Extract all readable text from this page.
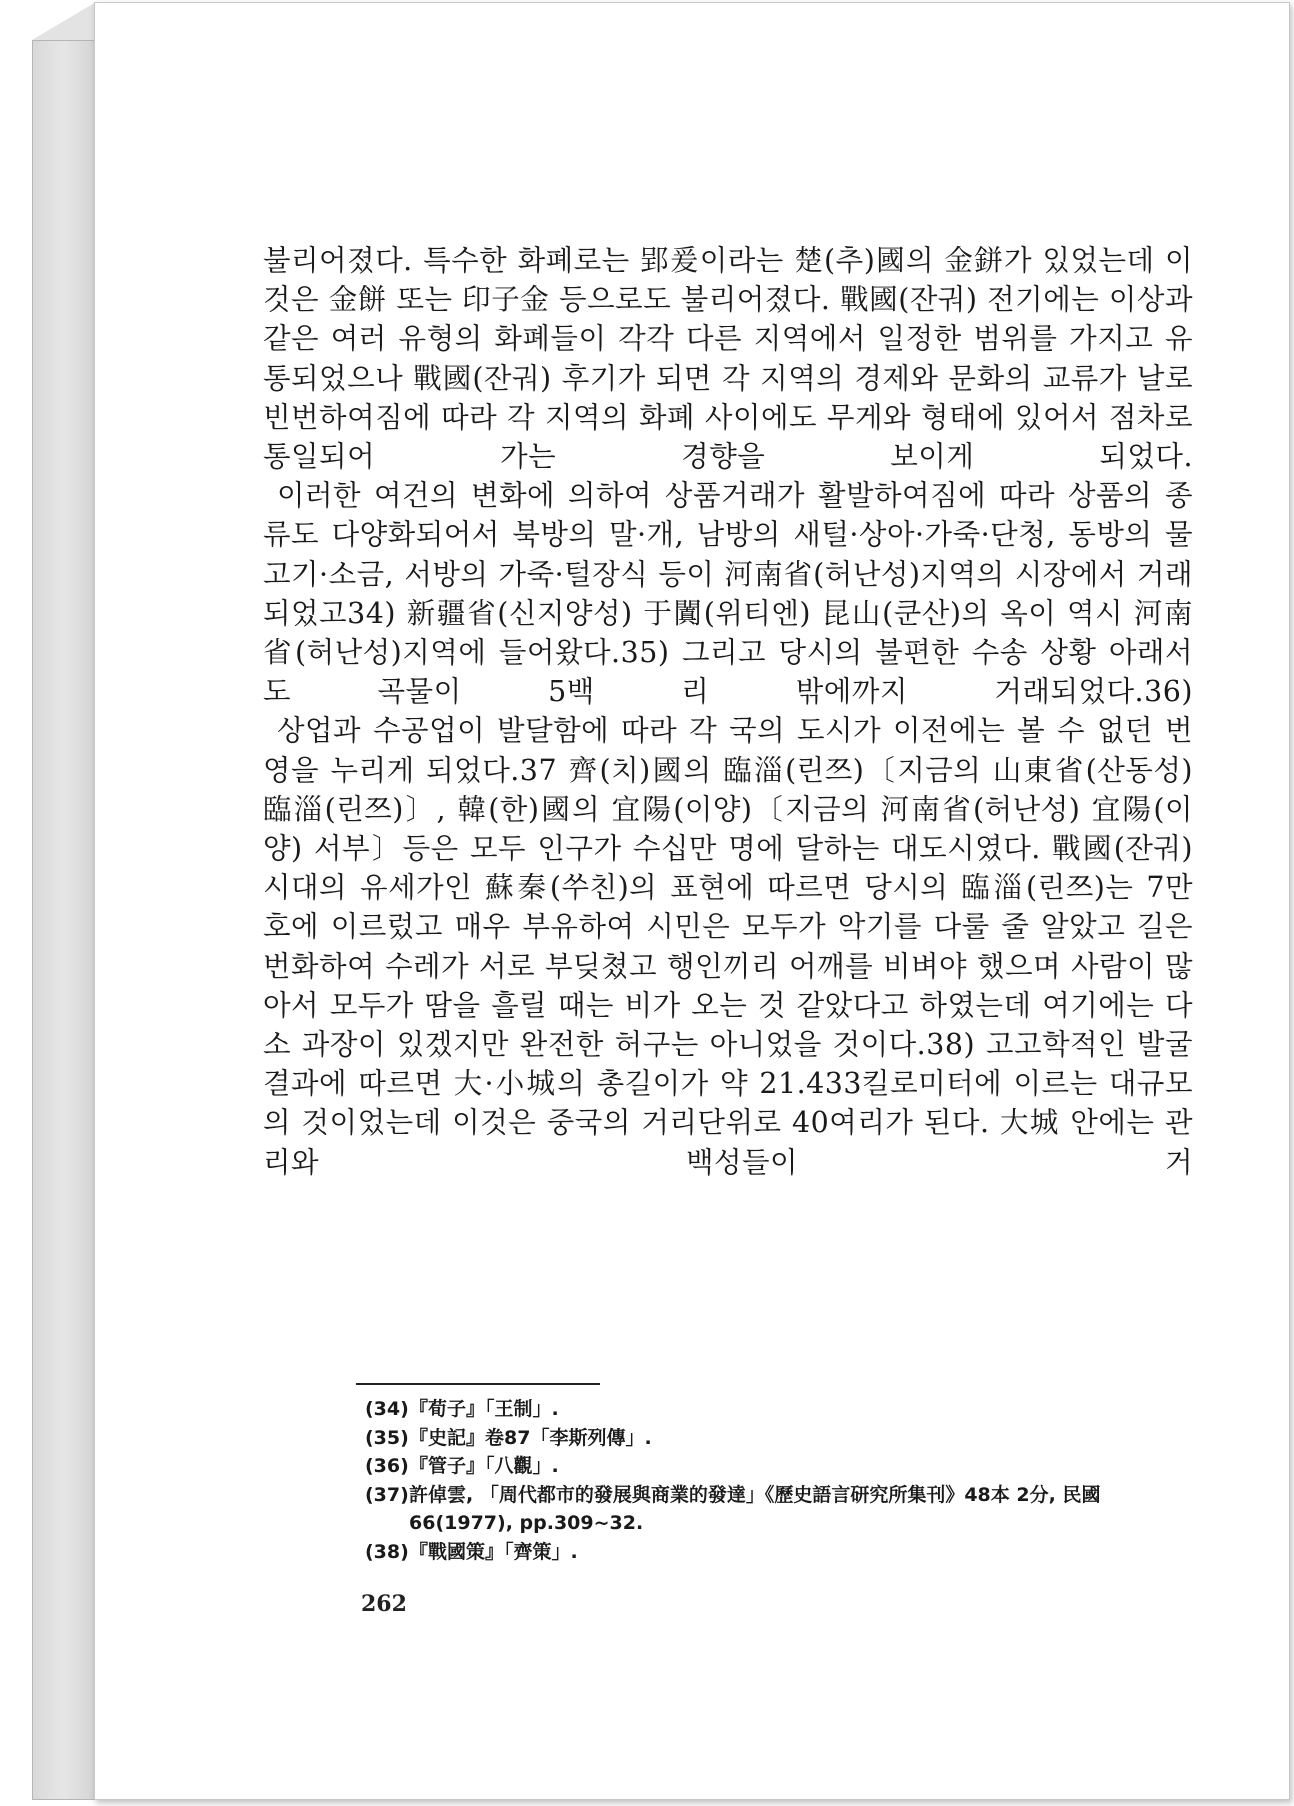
불리어졌다. 특수한 화폐로는 郢爰이라는 楚(추)國의 金鉼가 있었는데 이것은 金餅 또는 印子金 등으로도 불리어졌다. 戰國(잔궈) 전기에는 이상과 같은 여러 유형의 화폐들이 각각 다른 지역에서 일정한 범위를 가지고 유통되었으나 戰國(잔궈) 후기가 되면 각 지역의 경제와 문화의 교류가 날로 빈번하여짐에 따라 각 지역의 화폐 사이에도 무게와 형태에 있어서 점차로 통일되어 가는 경향을 보이게 되었다.

이러한 여건의 변화에 의하여 상품거래가 활발하여짐에 따라 상품의 종류도 다양화되어서 북방의 말·개, 남방의 새털·상아·가죽·단청, 동방의 물고기·소금, 서방의 가죽·털장식 등이 河南省(허난성)지역의 시장에서 거래되었고34) 新疆省(신지양성) 于闐(위티엔) 昆山(쿤산)의 옥이 역시 河南省(허난성)지역에 들어왔다.35) 그리고 당시의 불편한 수송 상황 아래서도 곡물이 5백 리 밖에까지 거래되었다.36)

상업과 수공업이 발달함에 따라 각 국의 도시가 이전에는 볼 수 없던 번영을 누리게 되었다.37 齊(치)國의 臨淄(린쯔)〔지금의 山東省(산동성) 臨淄(린쯔)〕, 韓(한)國의 宜陽(이양)〔지금의 河南省(허난성) 宜陽(이양) 서부〕등은 모두 인구가 수십만 명에 달하는 대도시였다. 戰國(잔궈)시대의 유세가인 蘇秦(쑤친)의 표현에 따르면 당시의 臨淄(린쯔)는 7만 호에 이르렀고 매우 부유하여 시민은 모두가 악기를 다룰 줄 알았고 길은 번화하여 수레가 서로 부딪쳤고 행인끼리 어깨를 비벼야 했으며 사람이 많아서 모두가 땀을 흘릴 때는 비가 오는 것 같았다고 하였는데 여기에는 다소 과장이 있겠지만 완전한 허구는 아니었을 것이다.38) 고고학적인 발굴결과에 따르면 大·小城의 총길이가 약 21.433킬로미터에 이르는 대규모의 것이었는데 이것은 중국의 거리단위로 40여리가 된다. 大城 안에는 관리와 백성들이 거

(34) 『荀子』「王制」.
(35) 『史記』卷87「李斯列傳」.
(36) 『管子』「八觀」.
(37) 許倬雲, 「周代都市的發展與商業的發達」《歷史語言研究所集刊》48本 2分, 民國 66(1977), pp.309~32.
(38) 『戰國策』「齊策」.
262
